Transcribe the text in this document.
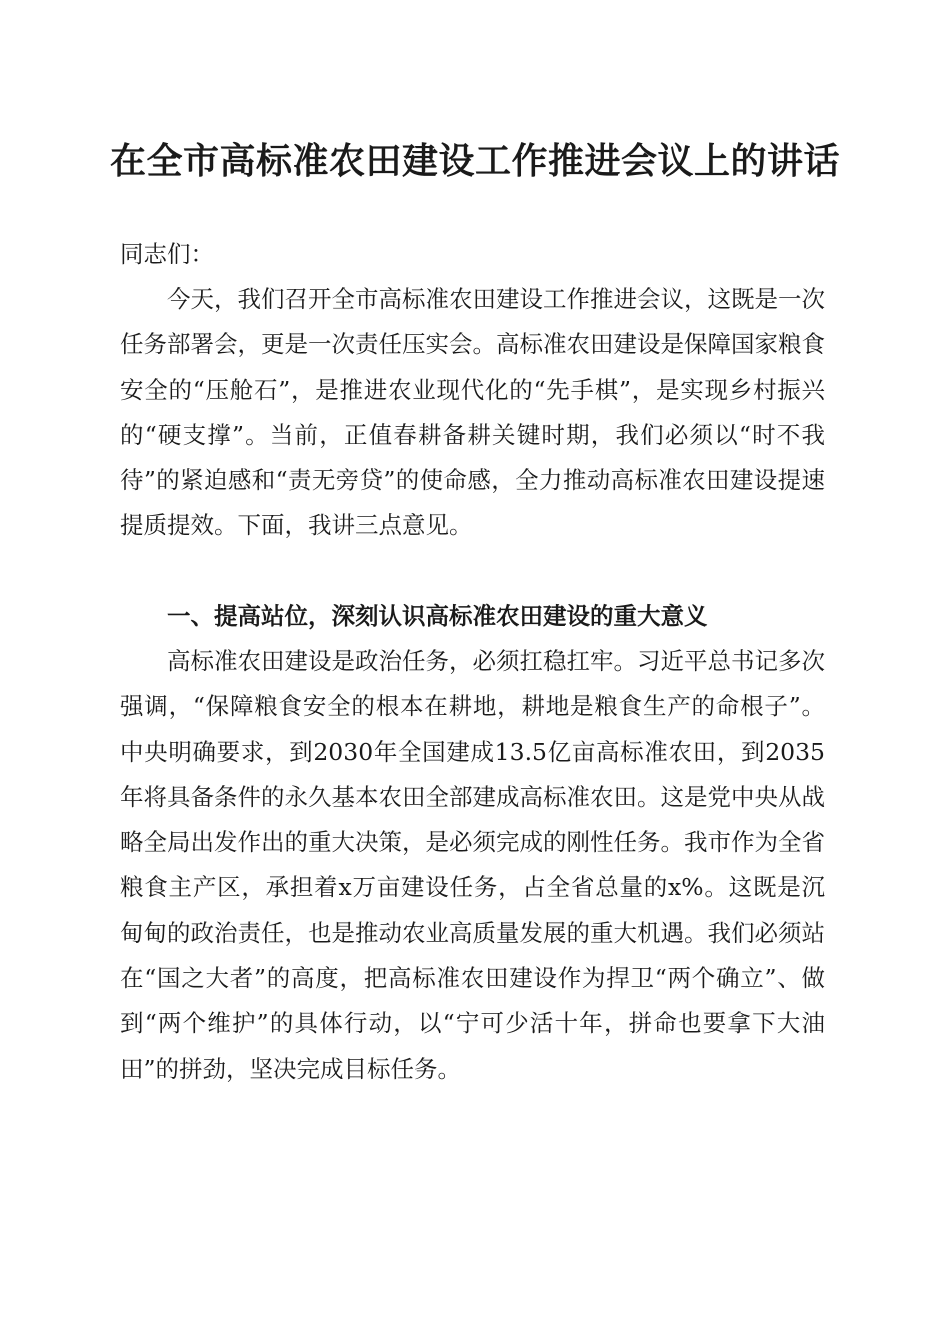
在全市高标准农田建设工作推进会议上的讲话

同志们：

今天，我们召开全市高标准农田建设工作推进会议，这既是一次任务部署会，更是一次责任压实会。高标准农田建设是保障国家粮食安全的“压舱石”，是推进农业现代化的“先手棋”，是实现乡村振兴的“硬支撑”。当前，正值春耕备耕关键时期，我们必须以“时不我待”的紧迫感和“责无旁贷”的使命感，全力推动高标准农田建设提速提质提效。下面，我讲三点意见。

一、提高站位，深刻认识高标准农田建设的重大意义

高标准农田建设是政治任务，必须扛稳扛牢。习近平总书记多次强调，“保障粮食安全的根本在耕地，耕地是粮食生产的命根子”。中央明确要求，到2030年全国建成13.5亿亩高标准农田，到2035年将具备条件的永久基本农田全部建成高标准农田。这是党中央从战略全局出发作出的重大决策，是必须完成的刚性任务。我市作为全省粮食主产区，承担着x万亩建设任务，占全省总量的x%。这既是沉甸甸的政治责任，也是推动农业高质量发展的重大机遇。我们必须站在“国之大者”的高度，把高标准农田建设作为捍卫“两个确立”、做到“两个维护”的具体行动，以“宁可少活十年，拼命也要拿下大油田”的拼劲，坚决完成目标任务。
